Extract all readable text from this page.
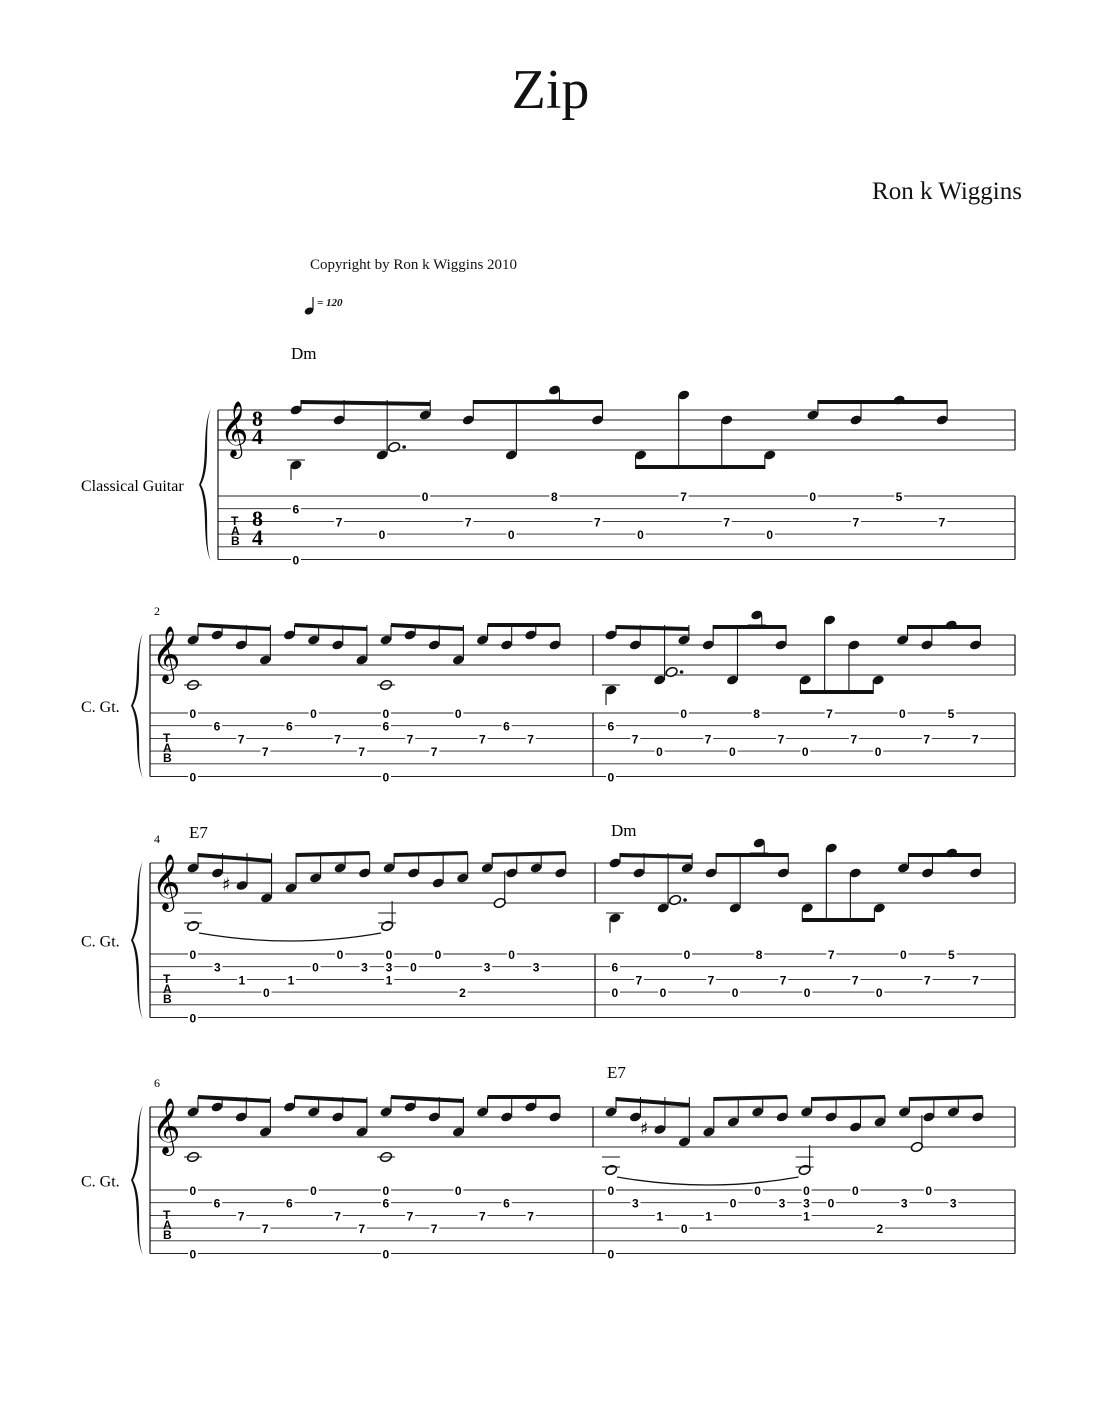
Zip
Ron k Wiggins
Copyright by Ron k Wiggins 2010
= 120
𝄞
T
A
B
Classical Guitar
𝄞
T
A
B
C. Gt.
2
𝄞
T
A
B
C. Gt.
4
𝄞
T
A
B
C. Gt.
6
8
4
8
4
Dm
E7	Dm
E7
6
0
7
0
0
7
0
8
7
0
7
7
0
0
7
5
7
0
0
6
7
7
6
0
7
7
0
0
6
7
7
0
7
6
7
6
0
7
0
0
7
0
8
7
0
7
7
0
0
7
5
7
0
0
3
1
0
1
0
0
3
0
3
1
0
0
2
3
0
3	6
0
7
0
0
7
0
8
7
0
7
7
0
0
7
5
7
0
0
6
7
7
6
0
7
7
0
0
6
7
7
0
7
6
7
0
0
3
1
0
1
0
0
3
0
3
1
0
0
2
3
0
3
♯
♯
